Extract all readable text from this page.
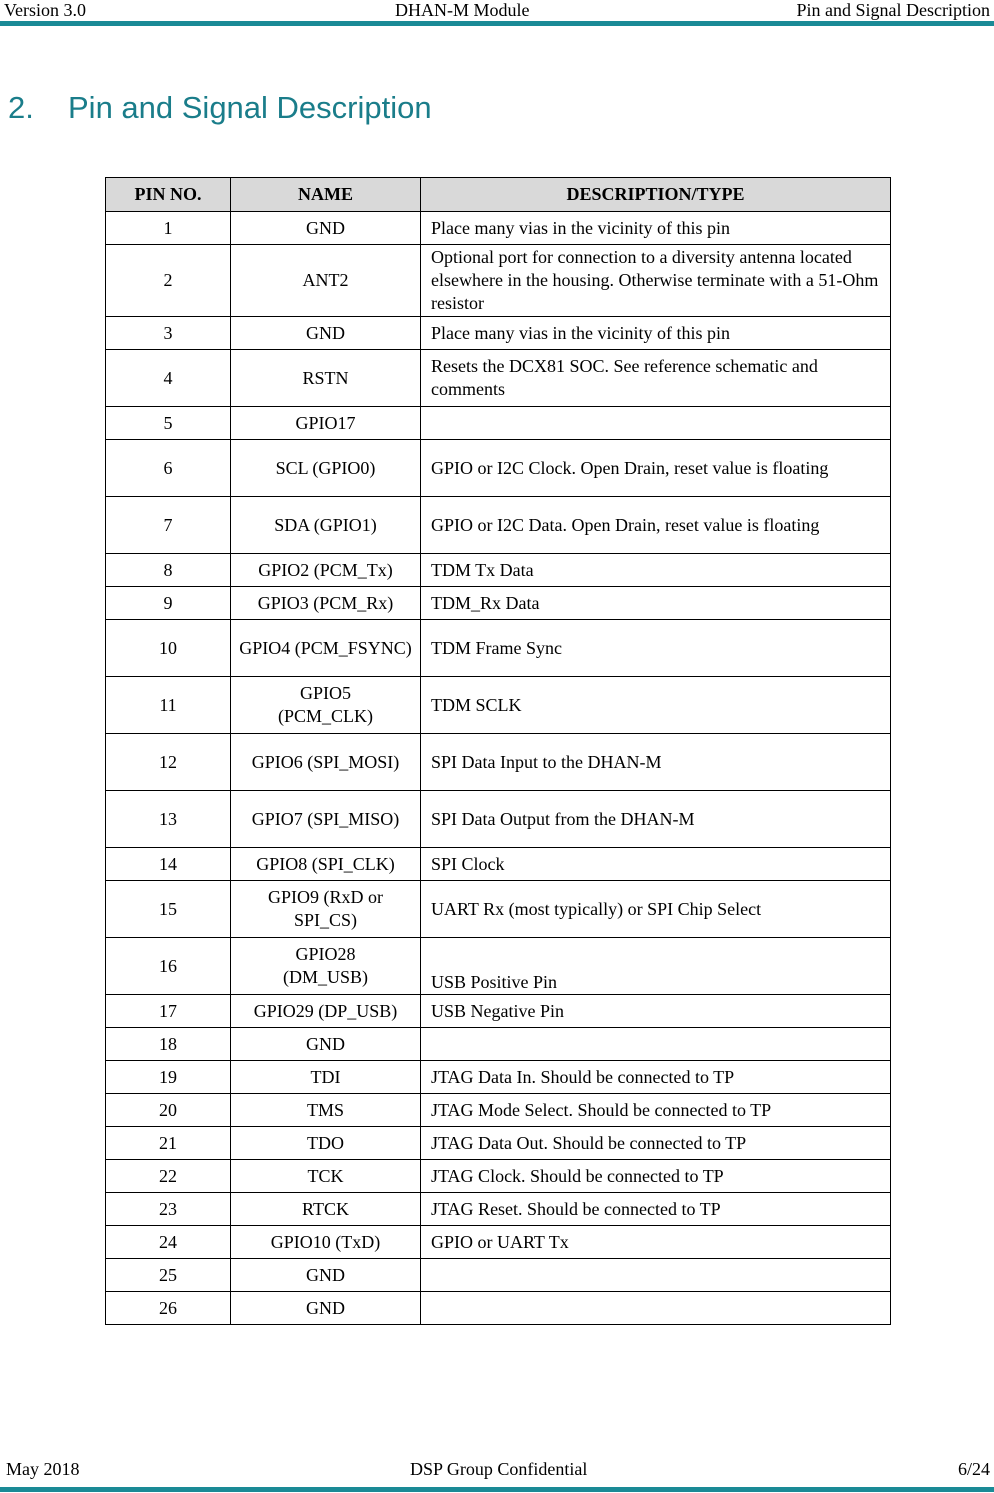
Version 3.0	DHAN-M Module	Pin and Signal Description
2. Pin and Signal Description
PIN NO.	NAME	DESCRIPTION/TYPE
1	GND	Place many vias in the vicinity of this pin
2	ANT2	Optional port for connection to a diversity antenna located elsewhere in the housing. Otherwise terminate with a 51-Ohm resistor
3	GND	Place many vias in the vicinity of this pin
4	RSTN	Resets the DCX81 SOC. See reference schematic and comments
5	GPIO17	
6	SCL (GPIO0)	GPIO or I2C Clock. Open Drain, reset value is floating
7	SDA (GPIO1)	GPIO or I2C Data. Open Drain, reset value is floating
8	GPIO2 (PCM_Tx)	TDM Tx Data
9	GPIO3 (PCM_Rx)	TDM_Rx Data
10	GPIO4 (PCM_FSYNC)	TDM Frame Sync
11	GPIO5 (PCM_CLK)	TDM SCLK
12	GPIO6 (SPI_MOSI)	SPI Data Input to the DHAN-M
13	GPIO7 (SPI_MISO)	SPI Data Output from the DHAN-M
14	GPIO8 (SPI_CLK)	SPI Clock
15	GPIO9 (RxD or SPI_CS)	UART Rx (most typically) or SPI Chip Select
16	GPIO28 (DM_USB)	USB Positive Pin
17	GPIO29 (DP_USB)	USB Negative Pin
18	GND	
19	TDI	JTAG Data In. Should be connected to TP
20	TMS	JTAG Mode Select. Should be connected to TP
21	TDO	JTAG Data Out. Should be connected to TP
22	TCK	JTAG Clock. Should be connected to TP
23	RTCK	JTAG Reset. Should be connected to TP
24	GPIO10 (TxD)	GPIO or UART Tx
25	GND	
26	GND	
May 2018	DSP Group Confidential	6/24
